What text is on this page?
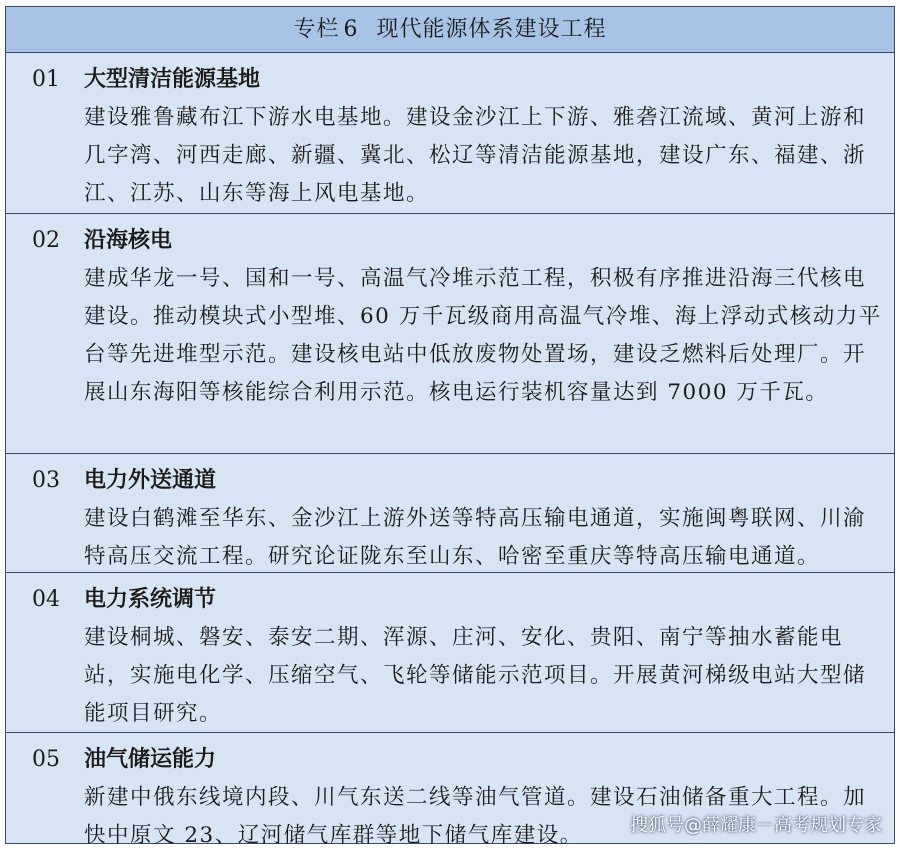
专栏 6 现代能源体系建设工程
01 大型清洁能源基地
建设雅鲁藏布江下游水电基地。建设金沙江上下游、雅砻江流域、黄河上游和几字湾、河西走廊、新疆、冀北、松辽等清洁能源基地，建设广东、福建、浙江、江苏、山东等海上风电基地。
02 沿海核电
建成华龙一号、国和一号、高温气冷堆示范工程，积极有序推进沿海三代核电建设。推动模块式小型堆、60 万千瓦级商用高温气冷堆、海上浮动式核动力平台等先进堆型示范。建设核电站中低放废物处置场，建设乏燃料后处理厂。开展山东海阳等核能综合利用示范。核电运行装机容量达到 7000 万千瓦。
03 电力外送通道
建设白鹤滩至华东、金沙江上游外送等特高压输电通道，实施闽粤联网、川渝特高压交流工程。研究论证陇东至山东、哈密至重庆等特高压输电通道。
04 电力系统调节
建设桐城、磐安、泰安二期、浑源、庄河、安化、贵阳、南宁等抽水蓄能电站，实施电化学、压缩空气、飞轮等储能示范项目。开展黄河梯级电站大型储能项目研究。
05 油气储运能力
新建中俄东线境内段、川气东送二线等油气管道。建设石油储备重大工程。加快中原文 23、辽河储气库群等地下储气库建设。	搜狐号@薛耀康－高考规划专家
